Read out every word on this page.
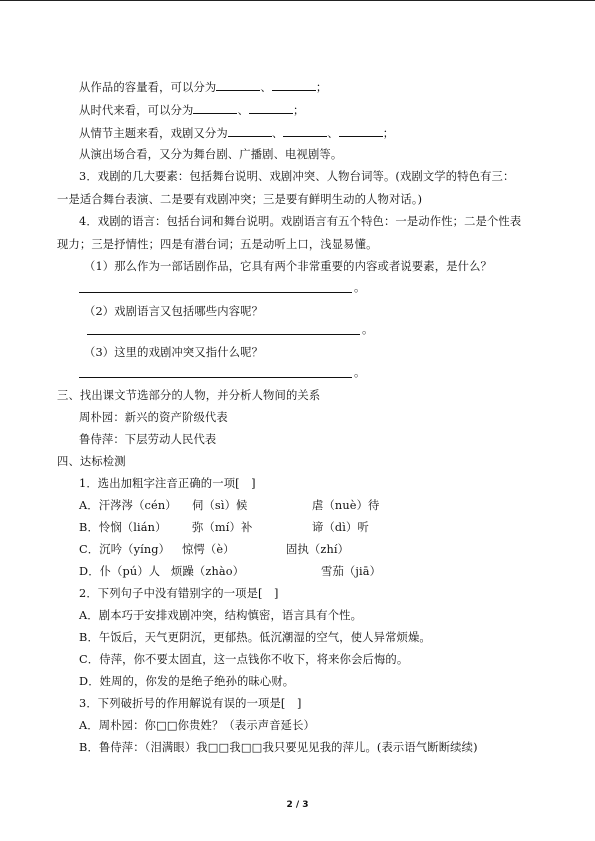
从作品的容量看，可以分为	、	；
从时代来看，可以分为	、	；
从情节主题来看，戏剧又分为	、	、	；
从演出场合看，又分为舞台剧、广播剧、电视剧等。
3．戏剧的几大要素：包括舞台说明、戏剧冲突、人物台词等。(戏剧文学的特色有三：
一是适合舞台表演、二是要有戏剧冲突；三是要有鲜明生动的人物对话。)
4．戏剧的语言：包括台词和舞台说明。戏剧语言有五个特色：一是动作性；二是个性表
现力；三是抒情性；四是有潜台词；五是动听上口，浅显易懂。
（1）那么作为一部话剧作品，它具有两个非常重要的内容或者说要素，是什么？
。
（2）戏剧语言又包括哪些内容呢？
。
（3）这里的戏剧冲突又指什么呢？
。
三、找出课文节选部分的人物，并分析人物间的关系
周朴园：新兴的资产阶级代表
鲁侍萍：下层劳动人民代表
四、达标检测
1．选出加粗字注音正确的一项[　]
A．汗涔涔（cén） 伺（sì）候	虐（nuè）待
B．怜悯（lián） 弥（mí）补	谛（dì）听
C．沉吟（yíng） 惊愕（è）	固执（zhí）
D．仆（pú）人 烦躁（zhào）	雪茄（jiā）
2．下列句子中没有错别字的一项是[　]
A．剧本巧于安排戏剧冲突，结构慎密，语言具有个性。
B．午饭后，天气更阴沉，更郁热。低沉潮湿的空气，使人异常烦燥。
C．侍萍，你不要太固直，这一点钱你不收下，将来你会后悔的。
D．姓周的，你发的是绝子绝孙的昧心财。
3．下列破折号的作用解说有误的一项是[　]
A．周朴园：你□□你贵姓？（表示声音延长）
B．鲁侍萍：（泪满眼）我□□我□□我只要见见我的萍儿。(表示语气断断续续)
2 / 3
